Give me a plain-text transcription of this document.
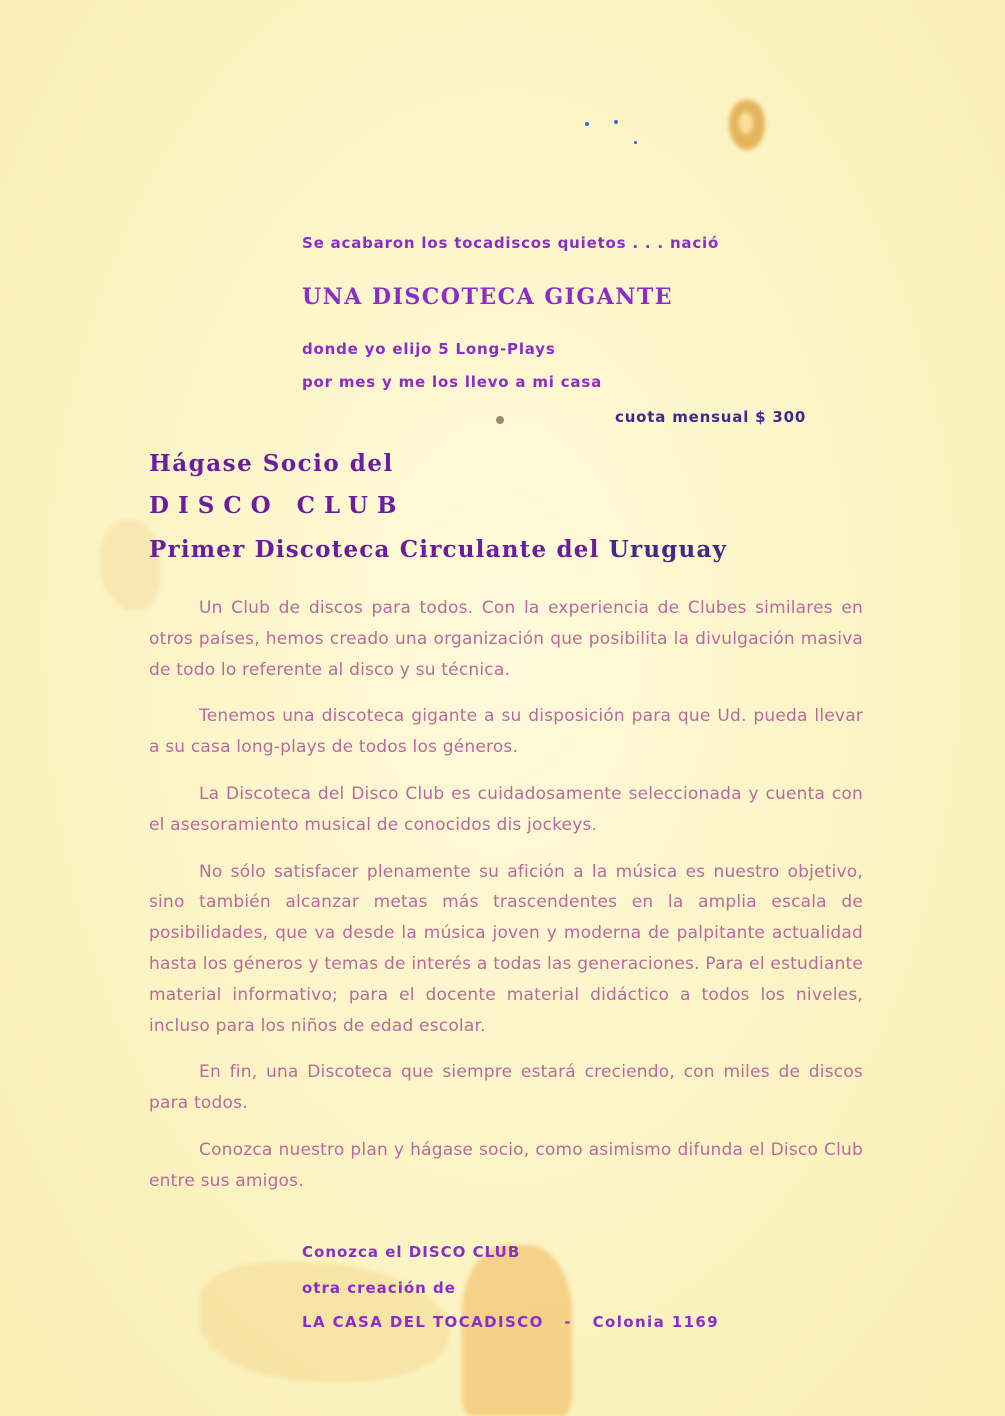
Se acabaron los tocadiscos quietos . . . nació
UNA DISCOTECA GIGANTE
donde yo elijo 5 Long-Plays
por mes y me los llevo a mi casa
cuota mensual $ 300
Hágase Socio del
DISCO CLUB
Primer Discoteca Circulante del Uruguay

Un Club de discos para todos. Con la experiencia de Clubes similares en otros países, hemos creado una organización que posibilita la divulgación masiva de todo lo referente al disco y su técnica.

Tenemos una discoteca gigante a su disposición para que Ud. pueda llevar a su casa long-plays de todos los géneros.

La Discoteca del Disco Club es cuidadosamente seleccionada y cuenta con el asesoramiento musical de conocidos dis jockeys.

No sólo satisfacer plenamente su afición a la música es nuestro objetivo, sino también alcanzar metas más trascendentes en la amplia escala de posibilidades, que va desde la música joven y moderna de palpitante actualidad hasta los géneros y temas de interés a todas las generaciones. Para el estudiante material informativo; para el docente material didáctico a todos los niveles, incluso para los niños de edad escolar.

En fin, una Discoteca que siempre estará creciendo, con miles de discos para todos.

Conozca nuestro plan y hágase socio, como asimismo difunda el Disco Club entre sus amigos.

Conozca el DISCO CLUB
otra creación de
LA CASA DEL TOCADISCO - Colonia 1169
